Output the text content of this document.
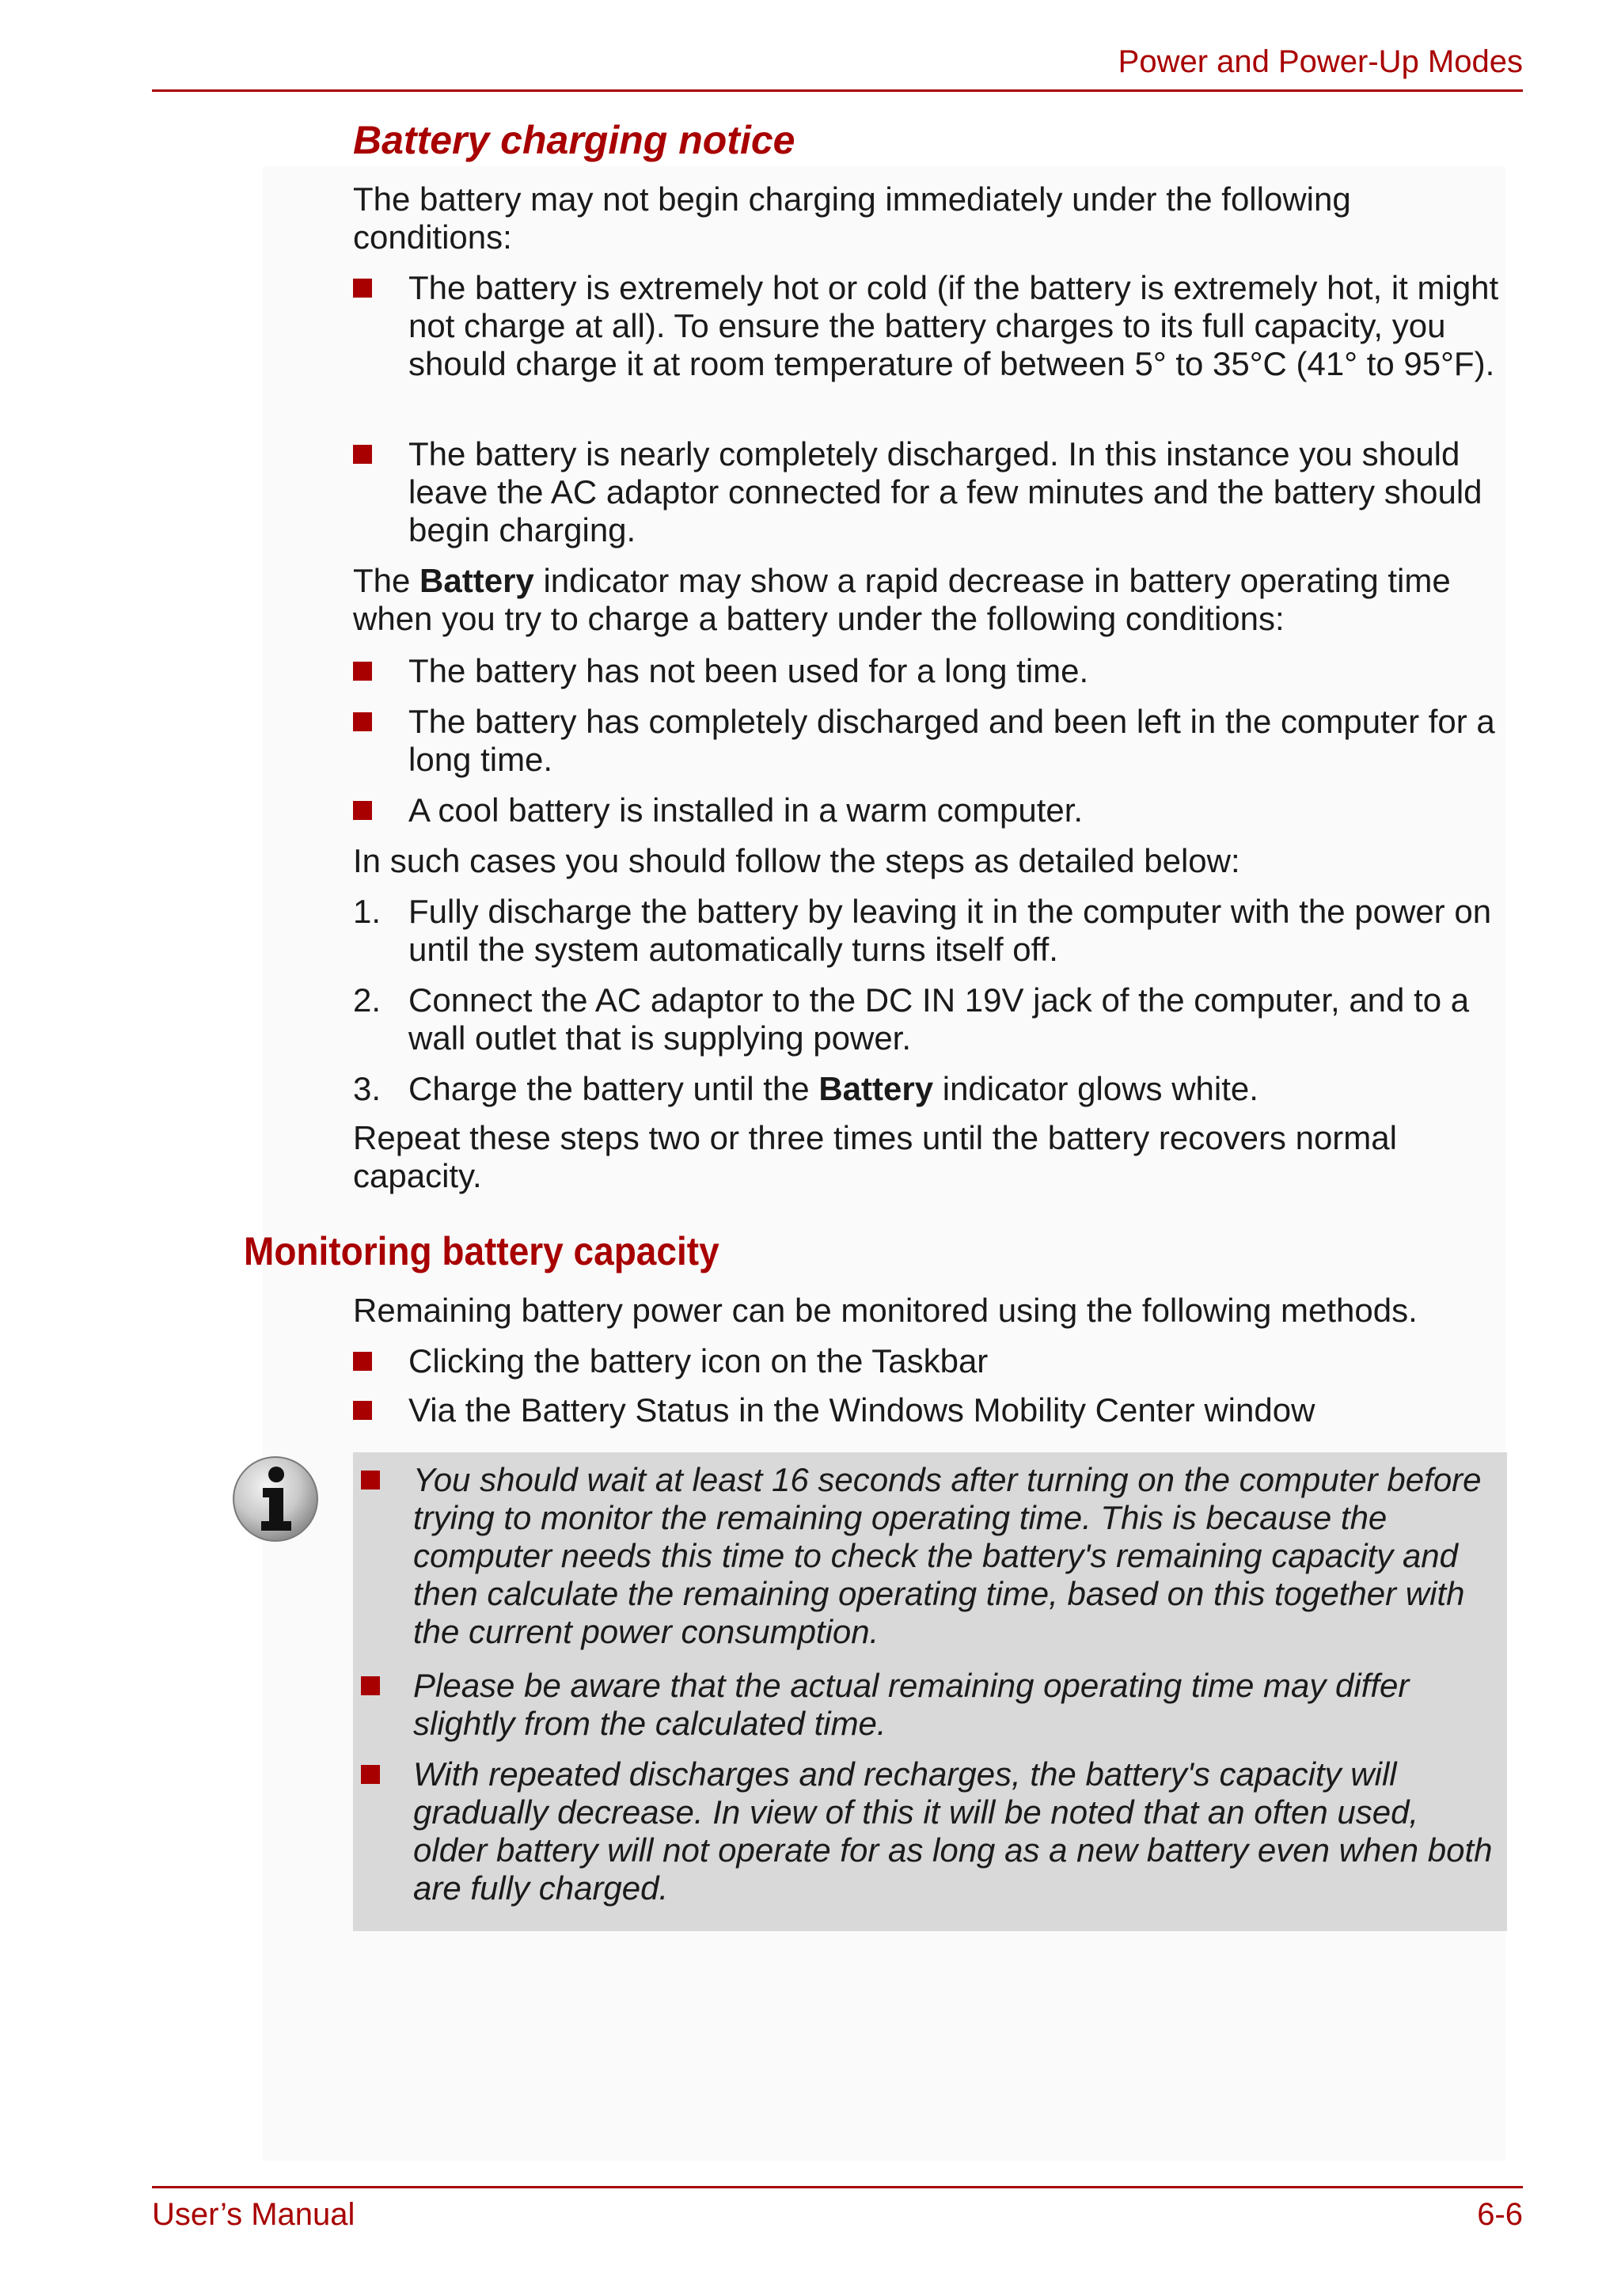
Power and Power-Up Modes
Battery charging notice

The battery may not begin charging immediately under the following conditions:

The battery is extremely hot or cold (if the battery is extremely hot, it might not charge at all). To ensure the battery charges to its full capacity, you should charge it at room temperature of between 5° to 35°C (41° to 95°F).
The battery is nearly completely discharged. In this instance you should leave the AC adaptor connected for a few minutes and the battery should begin charging.

The Battery indicator may show a rapid decrease in battery operating time when you try to charge a battery under the following conditions:

The battery has not been used for a long time.
The battery has completely discharged and been left in the computer for a long time.
A cool battery is installed in a warm computer.

In such cases you should follow the steps as detailed below:

1. Fully discharge the battery by leaving it in the computer with the power on until the system automatically turns itself off.
2. Connect the AC adaptor to the DC IN 19V jack of the computer, and to a wall outlet that is supplying power.
3. Charge the battery until the Battery indicator glows white.

Repeat these steps two or three times until the battery recovers normal capacity.

Monitoring battery capacity

Remaining battery power can be monitored using the following methods.

Clicking the battery icon on the Taskbar
Via the Battery Status in the Windows Mobility Center window
You should wait at least 16 seconds after turning on the computer before trying to monitor the remaining operating time. This is because the computer needs this time to check the battery's remaining capacity and then calculate the remaining operating time, based on this together with the current power consumption.
Please be aware that the actual remaining operating time may differ slightly from the calculated time.
With repeated discharges and recharges, the battery's capacity will gradually decrease. In view of this it will be noted that an often used, older battery will not operate for as long as a new battery even when both are fully charged.
User’s Manual	6-6
